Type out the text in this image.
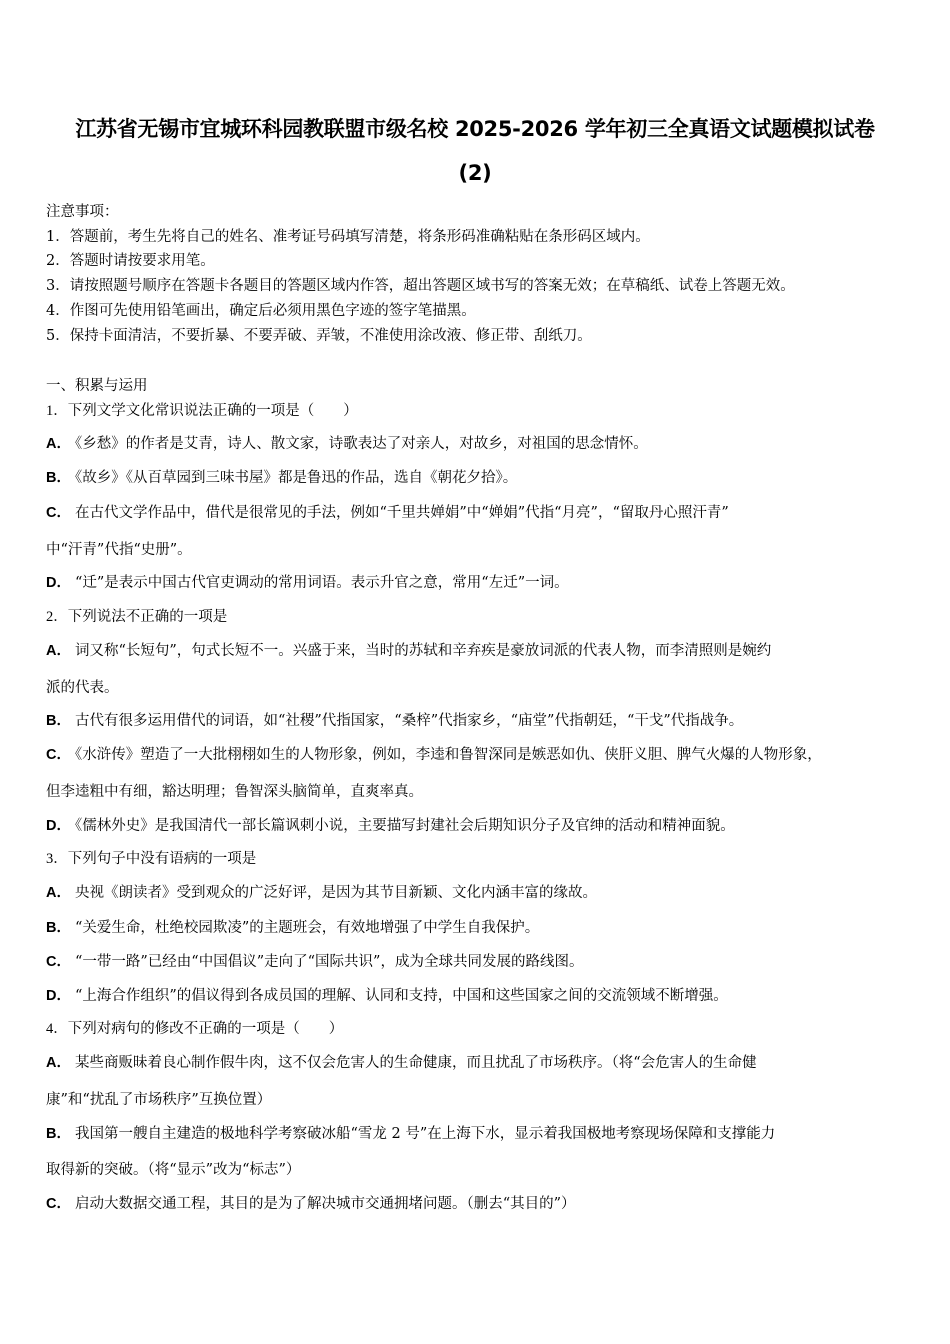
江苏省无锡市宜城环科园教联盟市级名校 2025-2026 学年初三全真语文试题模拟试卷
(2)
注意事项：
1．答题前，考生先将自己的姓名、准考证号码填写清楚，将条形码准确粘贴在条形码区域内。
2．答题时请按要求用笔。
3．请按照题号顺序在答题卡各题目的答题区域内作答，超出答题区域书写的答案无效；在草稿纸、试卷上答题无效。
4．作图可先使用铅笔画出，确定后必须用黑色字迹的签字笔描黑。
5．保持卡面清洁，不要折暴、不要弄破、弄皱，不准使用涂改液、修正带、刮纸刀。
一、积累与运用
1．下列文学文化常识说法正确的一项是（　　）
A． 《乡愁》的作者是艾青，诗人、散文家，诗歌表达了对亲人，对故乡，对祖国的思念情怀。
B． 《故乡》《从百草园到三味书屋》都是鲁迅的作品，选自《朝花夕拾》。
C． 在古代文学作品中，借代是很常见的手法，例如“千里共婵娟”中“婵娟”代指“月亮”，“留取丹心照汗青”
中“汗青”代指“史册”。
D． “迁”是表示中国古代官吏调动的常用词语。表示升官之意，常用“左迁”一词。
2．下列说法不正确的一项是
A． 词又称“长短句”，句式长短不一。兴盛于来，当时的苏轼和辛弃疾是豪放词派的代表人物，而李清照则是婉约
派的代表。
B． 古代有很多运用借代的词语，如“社稷”代指国家，“桑梓”代指家乡，“庙堂”代指朝廷，“干戈”代指战争。
C． 《水浒传》塑造了一大批栩栩如生的人物形象，例如，李逵和鲁智深同是嫉恶如仇、侠肝义胆、脾气火爆的人物形象，
但李逵粗中有细，豁达明理；鲁智深头脑简单，直爽率真。
D． 《儒林外史》是我国清代一部长篇讽刺小说，主要描写封建社会后期知识分子及官绅的活动和精神面貌。
3．下列句子中没有语病的一项是
A． 央视《朗读者》受到观众的广泛好评，是因为其节目新颖、文化内涵丰富的缘故。
B． “关爱生命，杜绝校园欺凌”的主题班会，有效地增强了中学生自我保护。
C． “一带一路”已经由“中国倡议”走向了“国际共识”，成为全球共同发展的路线图。
D． “上海合作组织”的倡议得到各成员国的理解、认同和支持，中国和这些国家之间的交流领域不断增强。
4．下列对病句的修改不正确的一项是（　　）
A． 某些商贩昧着良心制作假牛肉，这不仅会危害人的生命健康，而且扰乱了市场秩序。（将“会危害人的生命健
康”和“扰乱了市场秩序”互换位置）
B． 我国第一艘自主建造的极地科学考察破冰船“雪龙 2 号”在上海下水，显示着我国极地考察现场保障和支撑能力
取得新的突破。（将“显示”改为“标志”）
C． 启动大数据交通工程，其目的是为了解决城市交通拥堵问题。（删去“其目的”）
